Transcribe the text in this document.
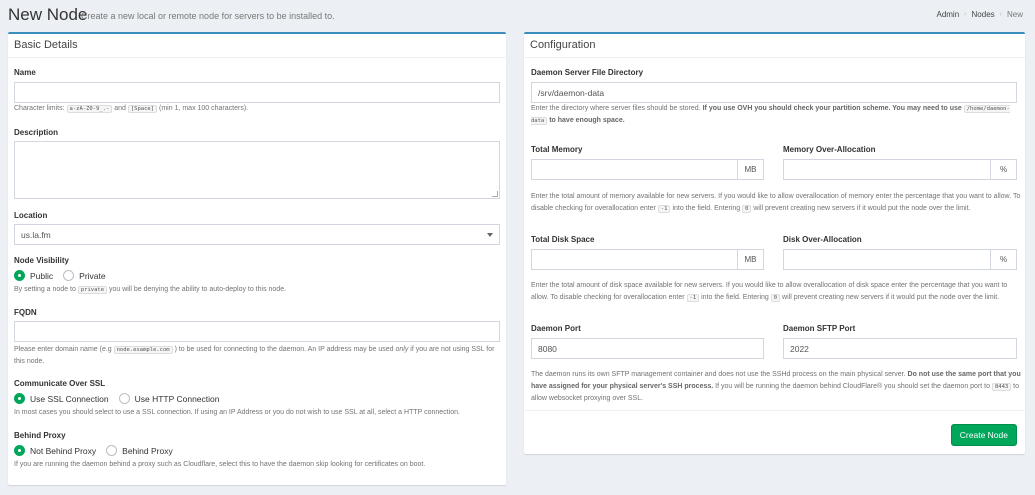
New Node
Create a new local or remote node for servers to be installed to.	Admin › Nodes › New
Basic Details
Name
Character limits: a-zA-Z0-9_.- and [Space] (min 1, max 100 characters).
Description
Location
us.la.fm
Node Visibility
Public	Private
By setting a node to private you will be denying the ability to auto-deploy to this node.
FQDN
Please enter domain name (e.g node.example.com ) to be used for connecting to the daemon. An IP address may be used only if you are not using SSL for this node.
Communicate Over SSL
Use SSL Connection	Use HTTP Connection
In most cases you should select to use a SSL connection. If using an IP Address or you do not wish to use SSL at all, select a HTTP connection.
Behind Proxy
Not Behind Proxy	Behind Proxy
If you are running the daemon behind a proxy such as Cloudflare, select this to have the daemon skip looking for certificates on boot.
Configuration
Daemon Server File Directory
/srv/daemon-data
Enter the directory where server files should be stored. If you use OVH you should check your partition scheme. You may need to use /home/daemon-data to have enough space.
Total Memory
MB
Memory Over-Allocation
%
Enter the total amount of memory available for new servers. If you would like to allow overallocation of memory enter the percentage that you want to allow. To disable checking for overallocation enter -1 into the field. Entering 0 will prevent creating new servers if it would put the node over the limit.
Total Disk Space
MB
Disk Over-Allocation
%
Enter the total amount of disk space available for new servers. If you would like to allow overallocation of disk space enter the percentage that you want to allow. To disable checking for overallocation enter -1 into the field. Entering 0 will prevent creating new servers if it would put the node over the limit.
Daemon Port
8080
Daemon SFTP Port
2022
The daemon runs its own SFTP management container and does not use the SSHd process on the main physical server. Do not use the same port that you have assigned for your physical server's SSH process. If you will be running the daemon behind CloudFlare® you should set the daemon port to 8443 to allow websocket proxying over SSL.
Create Node
